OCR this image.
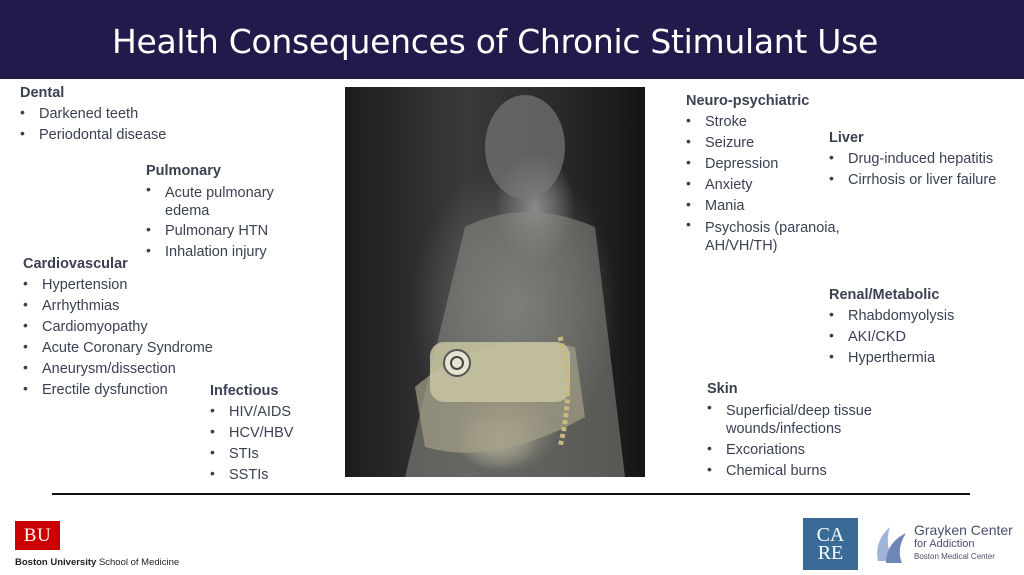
Health Consequences of Chronic Stimulant Use
Dental
• Darkened teeth
• Periodontal disease
Pulmonary
• Acute pulmonary edema
• Pulmonary HTN
• Inhalation injury
Cardiovascular
• Hypertension
• Arrhythmias
• Cardiomyopathy
• Acute Coronary Syndrome
• Aneurysm/dissection
• Erectile dysfunction	Infectious
• HIV/AIDS
• HCV/HBV
• STIs
• SSTIs
Neuro-psychiatric
• Stroke
• Seizure
• Depression
• Anxiety
• Mania
• Psychosis (paranoia, AH/VH/TH)
Liver
• Drug-induced hepatitis
• Cirrhosis or liver failure
Renal/Metabolic
• Rhabdomyolysis
• AKI/CKD
• Hyperthermia
Skin
• Superficial/deep tissue wounds/infections
• Excoriations
• Chemical burns
BU
Boston University School of Medicine
CA
RE
Grayken Center
for Addiction
Boston Medical Center
